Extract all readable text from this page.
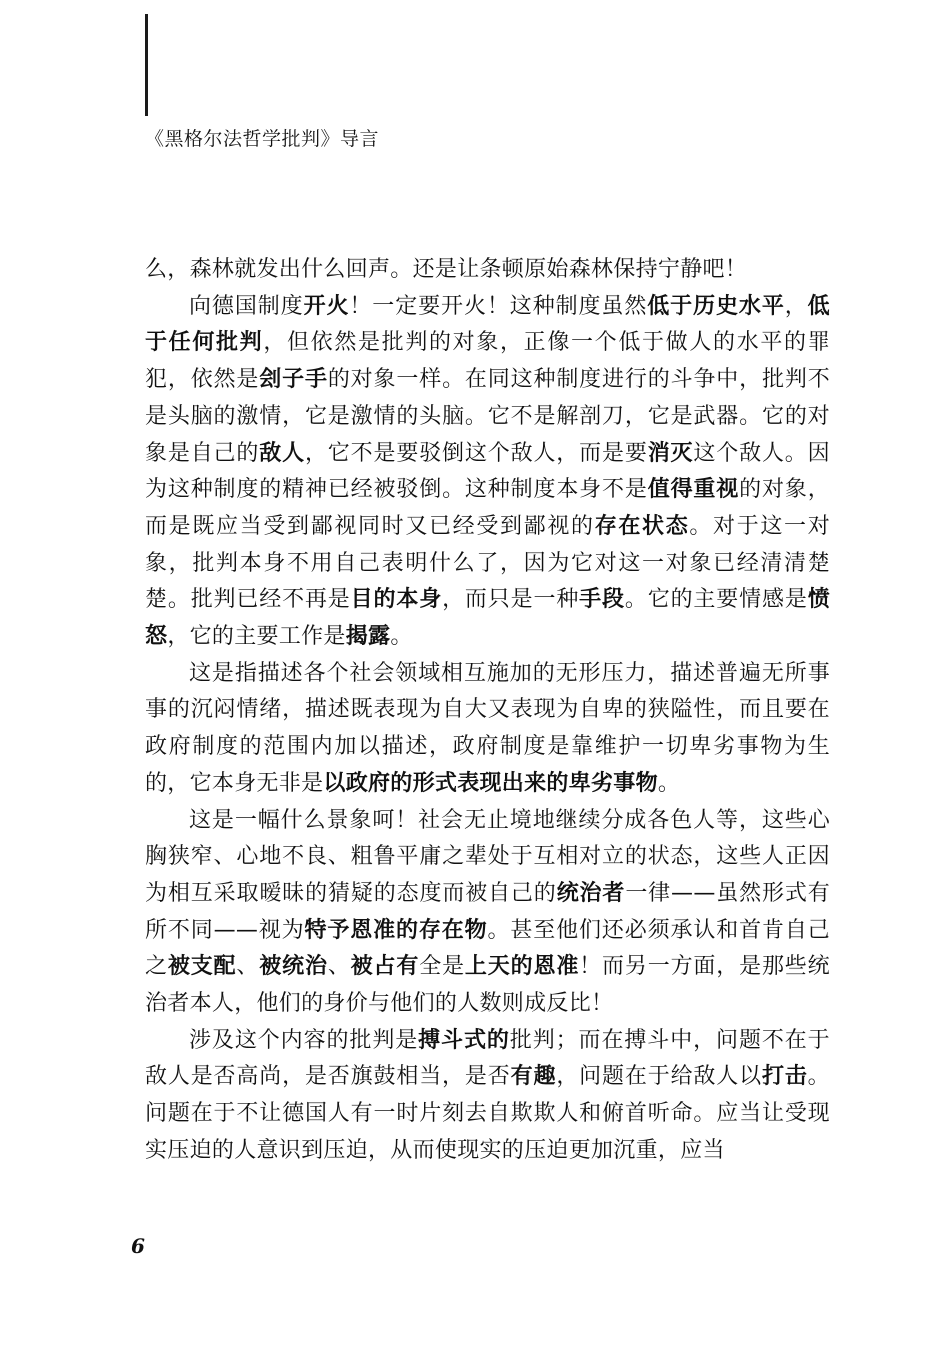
《黑格尔法哲学批判》导言

么，森林就发出什么回声。还是让条顿原始森林保持宁静吧！

向德国制度开火！一定要开火！这种制度虽然低于历史水平，低于任何批判，但依然是批判的对象，正像一个低于做人的水平的罪犯，依然是刽子手的对象一样。在同这种制度进行的斗争中，批判不是头脑的激情，它是激情的头脑。它不是解剖刀，它是武器。它的对象是自己的敌人，它不是要驳倒这个敌人，而是要消灭这个敌人。因为这种制度的精神已经被驳倒。这种制度本身不是值得重视的对象，而是既应当受到鄙视同时又已经受到鄙视的存在状态。对于这一对象，批判本身不用自己表明什么了，因为它对这一对象已经清清楚楚。批判已经不再是目的本身，而只是一种手段。它的主要情感是愤怒，它的主要工作是揭露。

这是指描述各个社会领域相互施加的无形压力，描述普遍无所事事的沉闷情绪，描述既表现为自大又表现为自卑的狭隘性，而且要在政府制度的范围内加以描述，政府制度是靠维护一切卑劣事物为生的，它本身无非是以政府的形式表现出来的卑劣事物。

这是一幅什么景象呵！社会无止境地继续分成各色人等，这些心胸狭窄、心地不良、粗鲁平庸之辈处于互相对立的状态，这些人正因为相互采取暧昧的猜疑的态度而被自己的统治者一律——虽然形式有所不同——视为特予恩准的存在物。甚至他们还必须承认和首肯自己之被支配、被统治、被占有全是上天的恩准！而另一方面，是那些统治者本人，他们的身价与他们的人数则成反比！

涉及这个内容的批判是搏斗式的批判；而在搏斗中，问题不在于敌人是否高尚，是否旗鼓相当，是否有趣，问题在于给敌人以打击。问题在于不让德国人有一时片刻去自欺欺人和俯首听命。应当让受现实压迫的人意识到压迫，从而使现实的压迫更加沉重，应当

6
